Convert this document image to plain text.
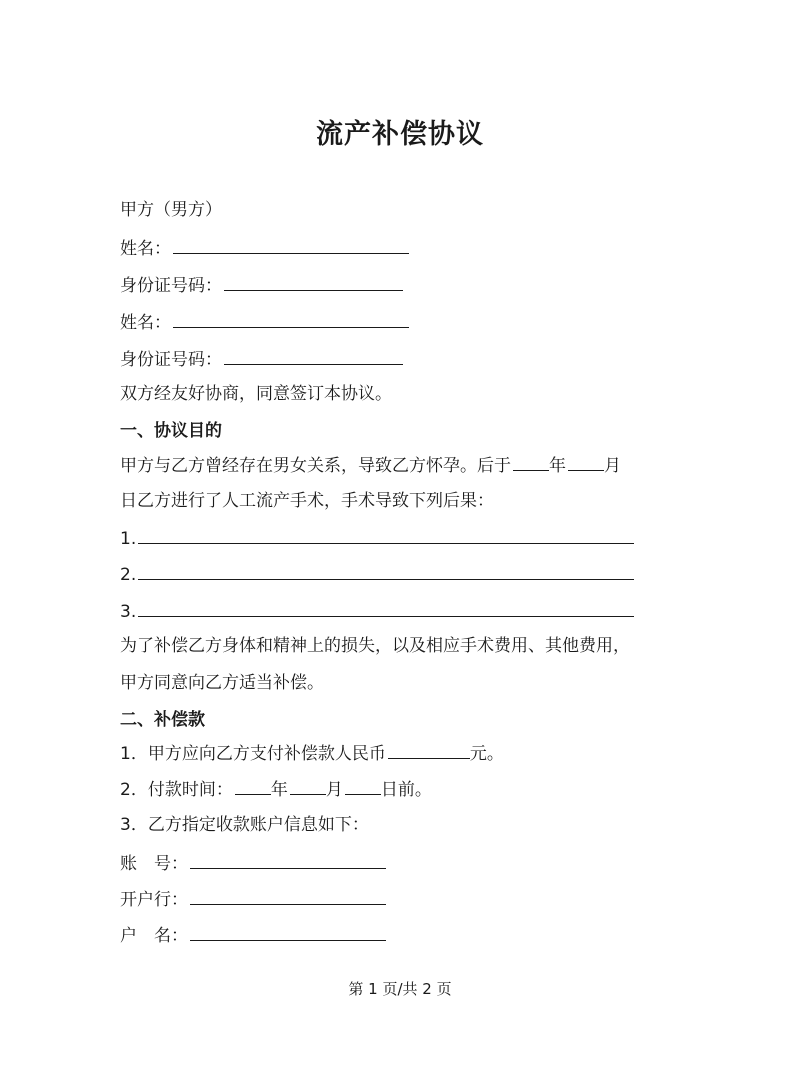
流产补偿协议
甲方（男方）
姓名：
身份证号码：
姓名：
身份证号码：
双方经友好协商，同意签订本协议。
一、协议目的
甲方与乙方曾经存在男女关系，导致乙方怀孕。后于 年 月
日乙方进行了人工流产手术，手术导致下列后果：
1.
2.
3.
为了补偿乙方身体和精神上的损失，以及相应手术费用、其他费用，
甲方同意向乙方适当补偿。
二、补偿款
1．甲方应向乙方支付补偿款人民币	元。
2．付款时间： 年 月 日前。
3．乙方指定收款账户信息如下：
账　号：
开户行：
户　名：
第 1 页/共 2 页
